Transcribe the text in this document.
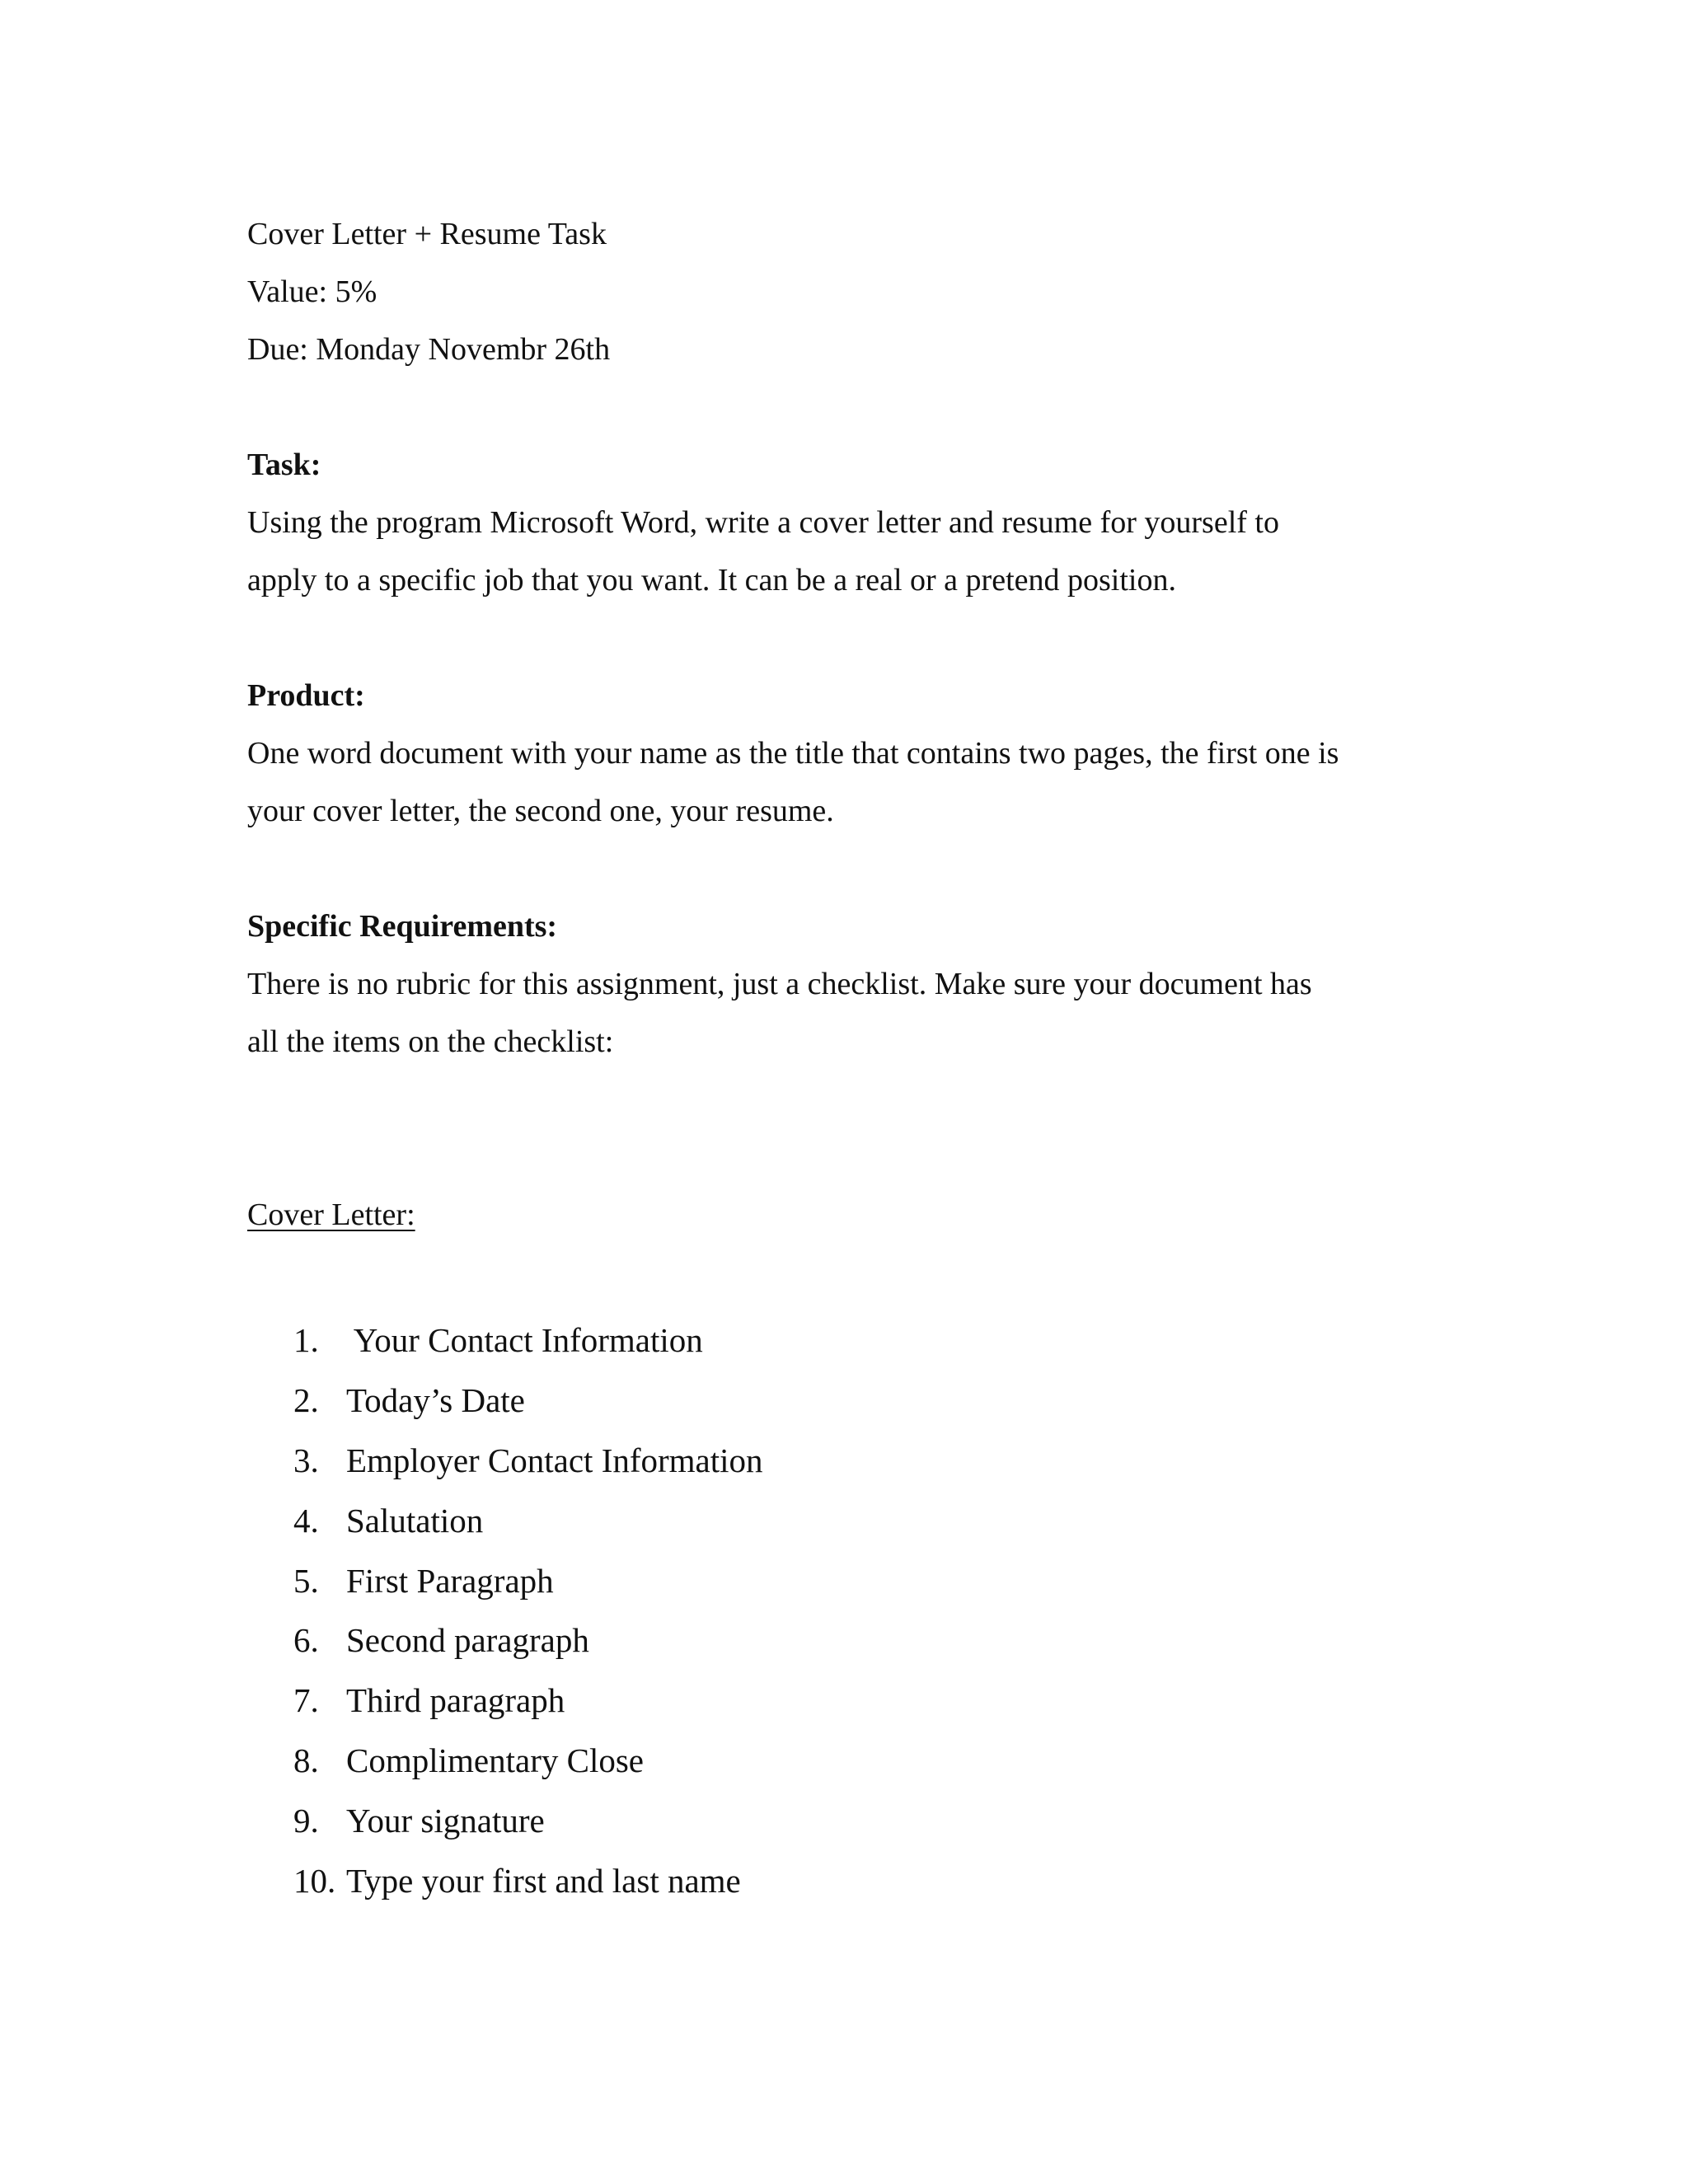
Cover Letter + Resume Task
Value: 5%
Due: Monday Novembr 26th
Task:
Using the program Microsoft Word, write a cover letter and resume for yourself to
apply to a specific job that you want. It can be a real or a pretend position.
Product:
One word document with your name as the title that contains two pages, the first one is
your cover letter, the second one, your resume.
Specific Requirements:
There is no rubric for this assignment, just a checklist. Make sure your document has
all the items on the checklist:
Cover Letter:
1. Your Contact Information
2. Today’s Date
3. Employer Contact Information
4. Salutation
5. First Paragraph
6. Second paragraph
7. Third paragraph
8. Complimentary Close
9. Your signature
10. Type your first and last name
